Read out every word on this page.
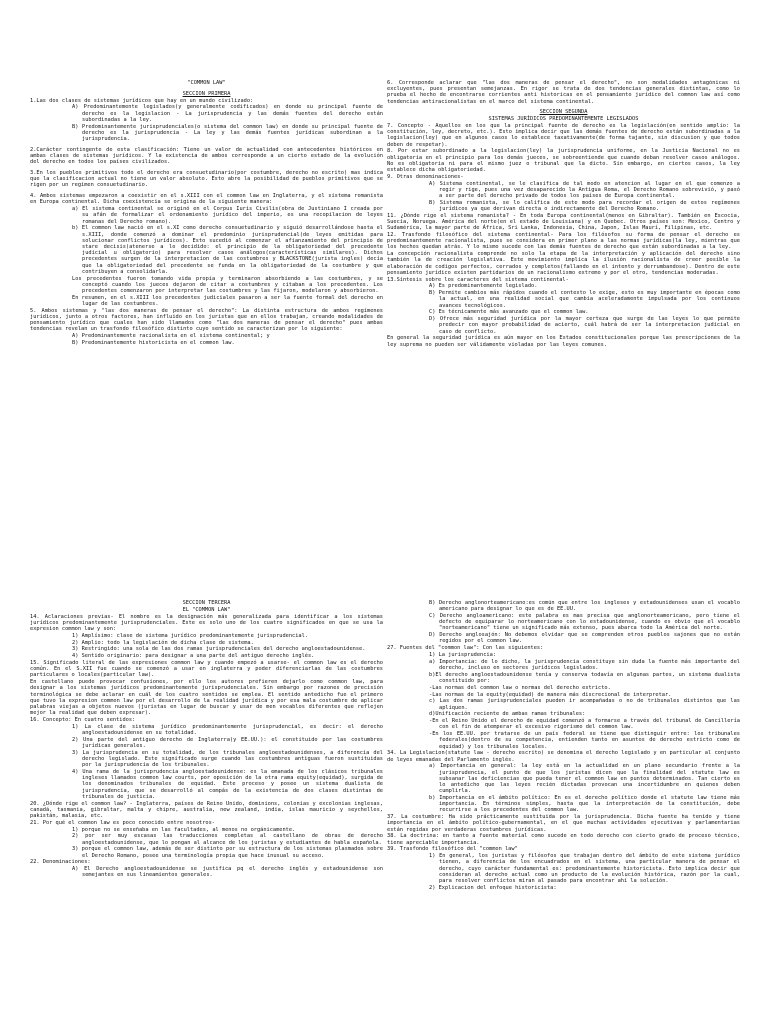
"COMMON LAW"

SECCION PRIMERA

1.Las dos clases de sistemas jurídicos que hay en un mundo civilizado:

A) Predominantemente legislados(y generalmente codificados) en donde su principal fuente de derecho es la legislacion - La jurisprudencia y las demás fuentes del derecho están subordinadas a la ley.

B) Predominantemente jurisprudenciales(o sistema del common law) en donde su principal fuente de derecho es la jurisprudencia - La ley y las demás fuentes jurídicas subordinan a la jurisprudencia.

2.Carácter contingente de esta clasificación: Tiene un valor de actualidad con antecedentes históricos en ambas clases de sistemas jurídicos. Y la existencia de ambos corresponde a un cierto estado de la evolución del derecho en todos los países civilizados.

3.En los pueblos primitivos todo el derecho era consuetudinario(por costumbre, derecho no escrito) mas indica que la clasificacion actual no tiene un valor absoluto. Esto abre la posibilidad de pueblos primitivos que se rigen por un regimen consuetudinario.

4. Ambos sistemas empezaron a coexistir en el s.XIII con el common law en Inglaterra, y el sistema romanista en Europa continental. Dicha coexistencia se origina de la siguiente manera:

a) El sistema continental se originó en el Corpus Iuris Civilis(obra de Justiniano I creada por su afán de formalizar el ordenamiento jurídico del imperio, es una recopilacion de leyes romanas del Derecho romano).

b) El common law nació en el s.XI como derecho consuetudinario y siguió desarrollándose hasta el s.XIII, donde comenzó a dominar el predominio jurisprudencial(de leyes emitidas para solucionar conflictos jurídicos). Esto sucedió al comenzar el afianzamiento del principio de stare decisis(atenerse a lo decidido: el principio de la obligatoriedad del precedente judicial u obligatorio) para resolver casos análogos(características similares). Dichos precedentes surgen de la interpretacion de las costumbres y BLACKSTONE(jurista ingles) decía que la obligatoriedad del precedente se funda en la obligatoriedad de la costumbre y que contribuyen a consolidarla.

Los precedentes fueron tomando vida propia y terminaron absorbiendo a las costumbres, y se conceptó cuando los jueces dejaron de citar a costumbres y citaban a los precedentes. Los precedentes comenzaron por interpretar las costumbres y las fijaron, modelaron y absorbieron.

En resumen, en el s.XIII los precedentes judiciales pasaron a ser la fuente formal del derecho en lugar de las costumbres.

5. Ambos sistemas y "las dos maneras de pensar el derecho": La distinta estructura de ambos regímenes jurídicos, junto a otros factores, han influido en los juristas que en ellos trabajan, creando modalidades de pensamiento jurídico que cuales han sido llamados como "las dos maneras de pensar el derecho" pues ambas tendencias revelan un trasfondo filosófico distinto cuyo sentido se caracterizan por lo siguiente:

A) Predominantemente racionalista en el sistema continental; y

B) Predominantemente historicista en el common law.

6. Corresponde aclarar que "las dos maneras de pensar el derecho", no son modalidades antagónicas ni excluyentes, pues presentan semejanzas. En rigor se trata de dos tendencias generales distintas, como lo prueba el hecho de encontrarse corrientes anti historicas en el pensamiento jurídico del common law así como tendencias antiracionalistas en el marco del sistema continental.

SECCION SEGUNDA

SISTEMAS JURÍDICOS PREDOMINANTEMENTE LEGISLADOS

7. Concepto - Aquellos en los que la principal fuente de derecho es la legislación(en sentido amplio: la constitución, ley, decreto, etc.). Esto implica decir que las demás fuentes de derecho están subordinadas a la legislacion(ley) que en algunos casos lo establece taxativamente(de forma tajante, sin discusion y que todos deben de respetar).

8. Por estar subordinado a la legislacion(ley) la jurisprudencia uniforme, en la Justicia Nacional no es obligatoria en el principio para los demás jueces, se sobreentiende que cuando deban resolver casos análogos. No es obligatoria ni para el mismo juez o tribunal que la dicto. Sin embargo, en ciertos casos, la ley establece dicha obligatoriedad.

9. Otras denominaciones-

A) Sistema continental, se le clasifica de tal modo en atencion al lugar en el que comenzo a regir y rige, pues una vez desaparecido la Antigua Roma, el Derecho Romano sobrevivió, y pasó a ser parte del derecho privado de todos los países de Europa continental.

B) Sistema romanista, se lo califica de este modo para recordar el origen de estos regímenes jurídicos ya que derivan directa o indirectamente del Derecho Romano.

11. ¿Dónde rige el sistema romanista? - En toda Europa continental(menos en Gibraltar). También en Escocia, Suecia, Noruega. América del norte(en el estado de Louisiana) y en Quebec. Otros países son: Mexico, Centro y Sudamérica, la mayor parte de África, Sri Lanka, Indonesia, China, Japon, Islas Maurí, Filipinas, etc.

12. Trasfondo filosófico del sistema continental- Para los filósofos su forma de pensar el derecho es predominantemente racionalista, pues se considera en primer plano a las normas jurídicas(la ley, mientras que los hechos quedan atrás. Y lo mismo sucede con las demás fuentes de derecho que están subordinadas a la ley.

La concepción racionalista comprende no solo la etapa de la interpretación y aplicación del derecho sino también la de creación legislativa. Este movimiento implica la ilusión racionalista de creer posible la elaboración de codigos perfectos, cerrados y completos(fallando en el intento y derrumbandose). Dentro de este pensamiento jurídico existen partidarios de un racionalismo extremo y por el otro, tendencias moderadas.

13.Síntesis sobre los caracteres del sistema continental-

A) Es predominantemente legislado.

B) Permite cambios más rápidos cuando el contexto lo exige, esto es muy importante en épocas como la actual, en una realidad social que cambia aceleradamente impulsada por los continuos avances tecnológicos.

C) Es técnicamente más avanzado que el common law.

D) Ofrece más seguridad jurídica por la mayor certeza que surge de las leyes lo que permite predecir con mayor probabilidad de acierto, cuál habrá de ser la interpretacion judicial en caso de conflicto.

En general la seguridad jurídica es aún mayor en los Estados constitucionales porque las prescripciones de la ley suprema no pueden ser válidamente violadas por las leyes comunes.

SECCION TERCERA

EL "COMMON LAW"

14. Aclaraciones previas- El nombre es la designación más generalizada para identificar a los sistemas jurídicos predominantemente jurisprudenciales. Este es solo uno de los cuatro significados en que se usa la expresion common law y son:

1) Amplísimo: clase de sistema jurídico predominantemente jurisprudencial.

2) Amplio: todo la legislación de dicha clase de sistema.

3) Restringido: una sola de las dos ramas jurisprudenciales del derecho angloestadounidense.

4) Sentido originario: para designar a una parte del antiguo derecho inglés.

15. Significado literal de las expresiones common law y cuando empezó a usarse- el common law es el derecho común. En el S.XII fue cuando se comenzó a usar en inglaterra y poder diferenciarlas de las costumbres particulares o locales(particular law).

En castellano puede provocar confusiones, por ello los autores prefieren dejarlo como common law, para designar a los sistemas jurídicos predominantemente jurisprudenciales. Sin embargo por razones de precisión terminológica se debe aclarar en cuál de los cuatro sentidos se emplea. El sentido antedicho fue el primero que tuvo la expresion common law por el desarrollo de la realidad jurídica y por esa mala costumbre de aplicar palabras viejas a objetos nuevos (juristas en lugar de buscar y usar de men vocablos diferentes que reflejen mejor la realidad que deben expresar).

16. Concepto: En cuatro sentidos:

1) La clase de sistema jurídico predominantemente jurisprudencial, es decir: el derecho angloestadounidense en su totalidad.

2) Una parte del antiguo derecho de Inglaterra(y EE.UU.): el constituido por las costumbres jurídicas generales.

3) La jurisprudencia en su totalidad, de los tribunales angloestadounidenses, a diferencia del derecho legislado. Este significado surge cuando las costumbres antiguas fueron sustituidas por la jurisprudencia de los tribunales.

4) Una rama de la jurisprudencia angloestadounidense: es la emanada de los clásicos tribunales ingleses llamados common law courts, por oposición de la otra rama equity(equidad), surgida de los denominados tribunales de equidad. Este proceso y posee un sistema dualista de jurisprudencia, que se desarrolló al compás de la existencia de dos clases distintas de tribunales de justicia.

20. ¿Dónde rige el common law? - Inglaterra, países de Reino Unido, dominions, colonias y excolonias inglesas, canadá, tasmania, gibraltar, malta y chipre, australia, new zealand, india, islas mauricio y seychelles, pakistán, malasia, etc.

21. Por qué el common law es poco conocido entre nosotros-

1) porque no se enseñaba en las facultades, al menos no orgánicamente.

2) por ser muy escasas las traducciones completas al castellano de obras de derecho angloestadounidense, que lo pongan al alcance de los juristas y estudiantes de habla española.

3) porque el common law, además de ser distinto por su estructura de los sistemas plasmados sobre el Derecho Romano, posee una terminología propia que hace inusual su acceso.

22. Denominaciones:

A) El Derecho angloestadounidense se justifica pq el derecho inglés y estadounidense son semejantes en sus lineamientos generales.

B) Derecho anglonorteamericano:es común que entre los ingleses y estadounidenses usan el vocablo americano para designar lo que es de EE.UU.

C) Derecho angloamericano: este palabra es mas precisa que anglonorteamericano, pero tiene el defecto de equiparar lo norteamericano con lo estadounidense, cuando es obvio que el vocablo "norteamericano" tiene un significado más extenso, pues abarca todo la América del norte.

D) Derecho anglosajón: No debemos olvidar que se comprenden otros pueblos sajones que no están regidos por el common law.

27. Fuentes del "common law": Con las siguientes:

1) La jurisprudencia:

a) Importancia: de lo dicho, la jurisprudencia constituye sin duda la fuente más importante del derecho, incluso en sectores jurídicos legislados.

b)El derecho angloestadounidense tenía y conserva todavía en algunas partes, un sistema dualista constituido por:

-Las normas del common law o normas del derecho estricto.

-Las normas de la equity(equidad) de manera más discrecional de interpretar.

c) Las dos ramas jurisprudenciales pueden ir acompañadas o no de tribunales distintos que las apliquen.

d)Unificación reciente de ambas ramas tribunales:

-En el Reino Unido el derecho de equidad comenzó a formarse a través del tribunal de Cancillería con el fin de atemperar el excesivo rigorismo del common law.

-En los EE.UU. por tratarse de un país federal se tiene que distinguir entre: los tribunales federales(dentro de su competencia, entienden tanto en asuntos de derecho estricto como de equidad) y los tribunales locales.

34. La Legislacion(statute law - derecho escrito) se denomina el derecho legislado y en particular al conjunto de leyes emanadas del Parlamento inglés.

a) Importancia en general: la ley está en la actualidad en un plano secundario frente a la jurisprudencia, el punto de que los juristas dicen que la finalidad del statute law es subsanar las deficiencias que pueda tener el common law en puntos determinados. Tan cierto es lo antedicho que las leyes recién dictadas provocan una incertidumbre en quienes deben cumplirla.

b) Importancia en el ámbito político: En es el derecho político donde el statute law tiene más importancia. En términos simples, hasta que la interpretación de la constitución, debe recurrirse a los precedentes del common law.

37. La costumbre: Ha sido prácticamente sustituida por la jurisprudencia. Dicha fuente ha tenido y tiene importancia en el ámbito político-gubernamental, en el que muchas actividades ejecutivas y parlamentarias están regidas por verdaderas costumbres jurídicas.

38. La doctrina: en tanto a fuente material como sucede en todo derecho con cierto grado de proceso técnico, tiene apreciable importancia.

39. Trasfondo filosófico del "common law"

1) En general, los juristas y filósofos que trabajan dentro del ámbito de este sistema jurídico tienen, a diferencia de los encuadrados en el sistema, una particular manera de pensar el derecho, cuyo carácter fundamental es: predominantemente historicista. Esto implica decir que consideran al derecho actual como un producto de la evolución histórica, razón por la cual, para resolver conflictos miran al pasado para encontrar ahí la solución.

2) Explicacion del enfoque historicista:
